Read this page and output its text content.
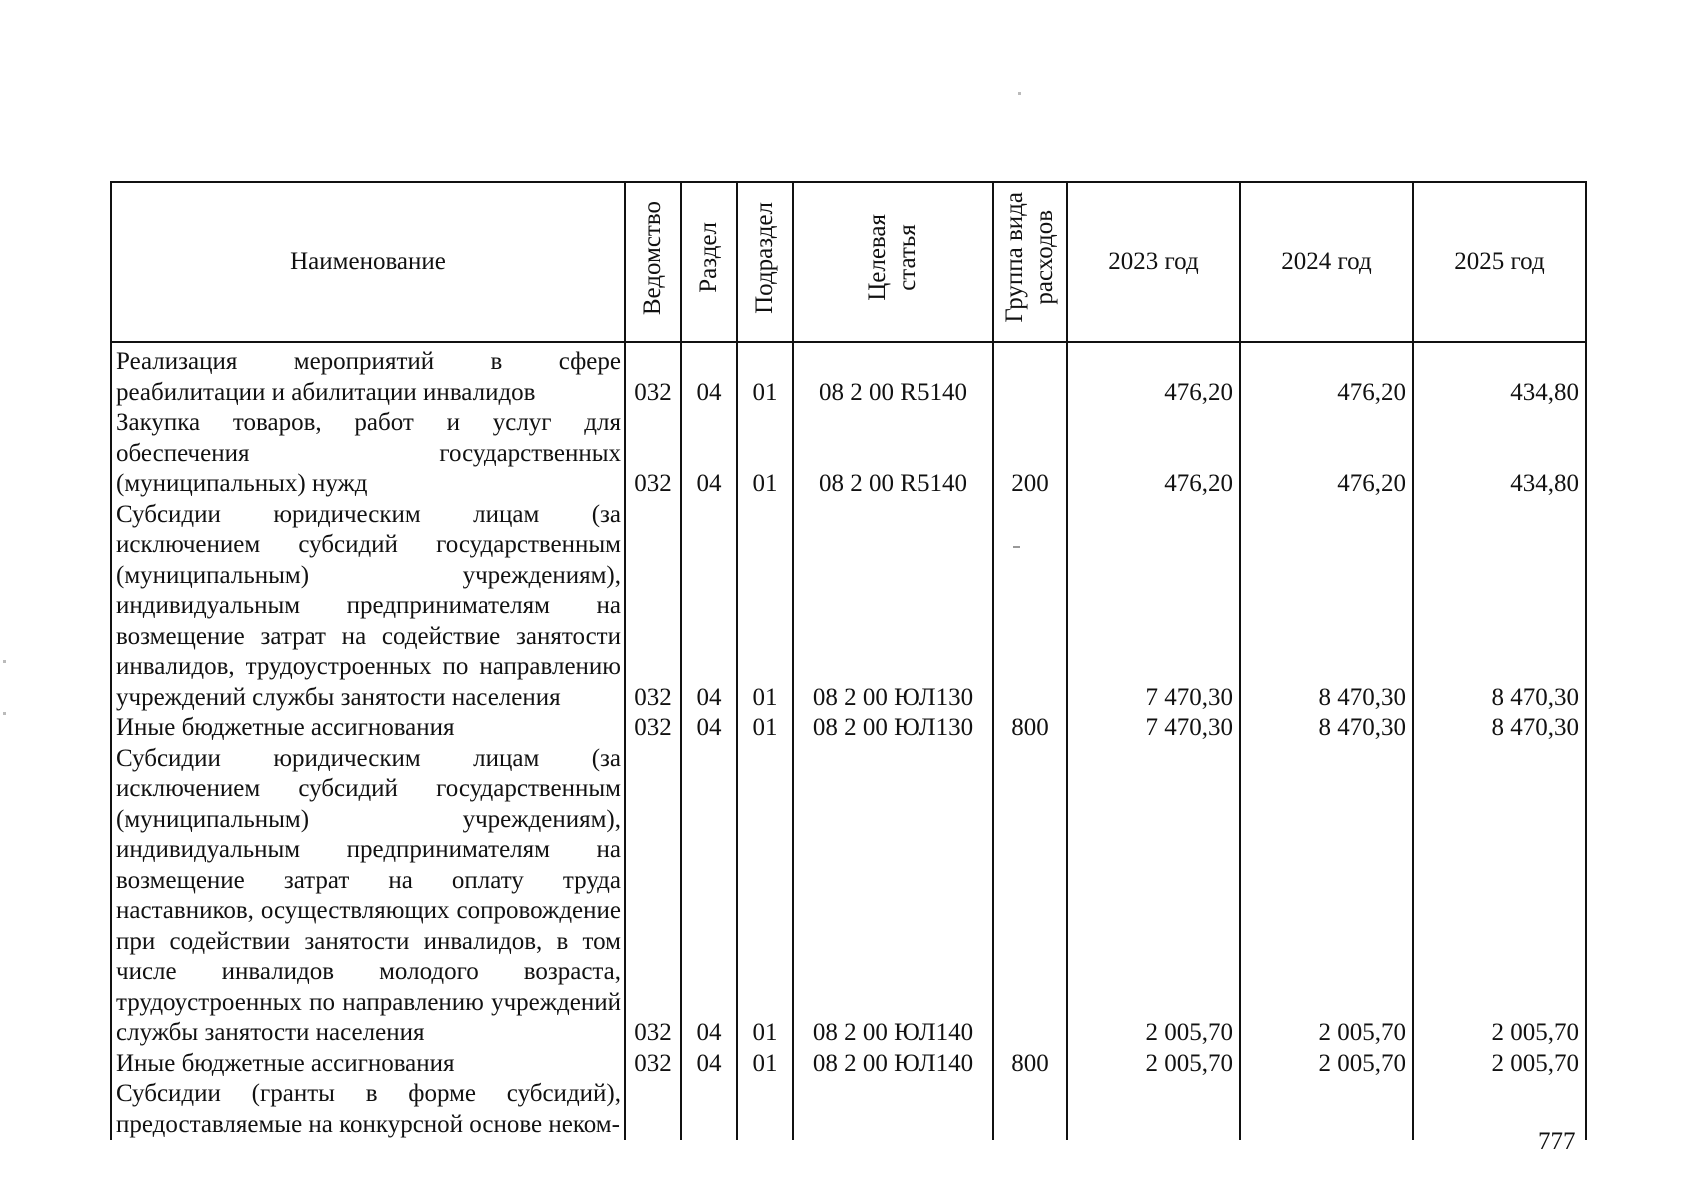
Наименование	Ведомство	Раздел	Подраздел	Целевая статья	Группа вида расходов	2023 год	2024 год	2025 год

Реализация мероприятий в сфере реабилитации и абилитации инвалидов	032	04	01	08 2 00 R5140		476,20	476,20	434,80

Закупка товаров, работ и услуг для обеспечения государственных (муниципальных) нужд	032	04	01	08 2 00 R5140	200	476,20	476,20	434,80

Субсидии юридическим лицам (за исключением субсидий государственным (муниципальным) учреждениям), индивидуальным предпринимателям на возмещение затрат на содействие занятости инвалидов, трудоустроенных по направлению учреждений службы занятости населения	032	04	01	08 2 00 ЮЛ130		7 470,30	8 470,30	8 470,30

Иные бюджетные ассигнования	032	04	01	08 2 00 ЮЛ130	800	7 470,30	8 470,30	8 470,30

Субсидии юридическим лицам (за исключением субсидий государственным (муниципальным) учреждениям), индивидуальным предпринимателям на возмещение затрат на оплату труда наставников, осуществляющих сопровождение при содействии занятости инвалидов, в том числе инвалидов молодого возраста, трудоустроенных по направлению учреждений службы занятости населения	032	04	01	08 2 00 ЮЛ140		2 005,70	2 005,70	2 005,70

Иные бюджетные ассигнования	032	04	01	08 2 00 ЮЛ140	800	2 005,70	2 005,70	2 005,70

Субсидии (гранты в форме субсидий), предоставляемые на конкурсной основе неком-								

777
